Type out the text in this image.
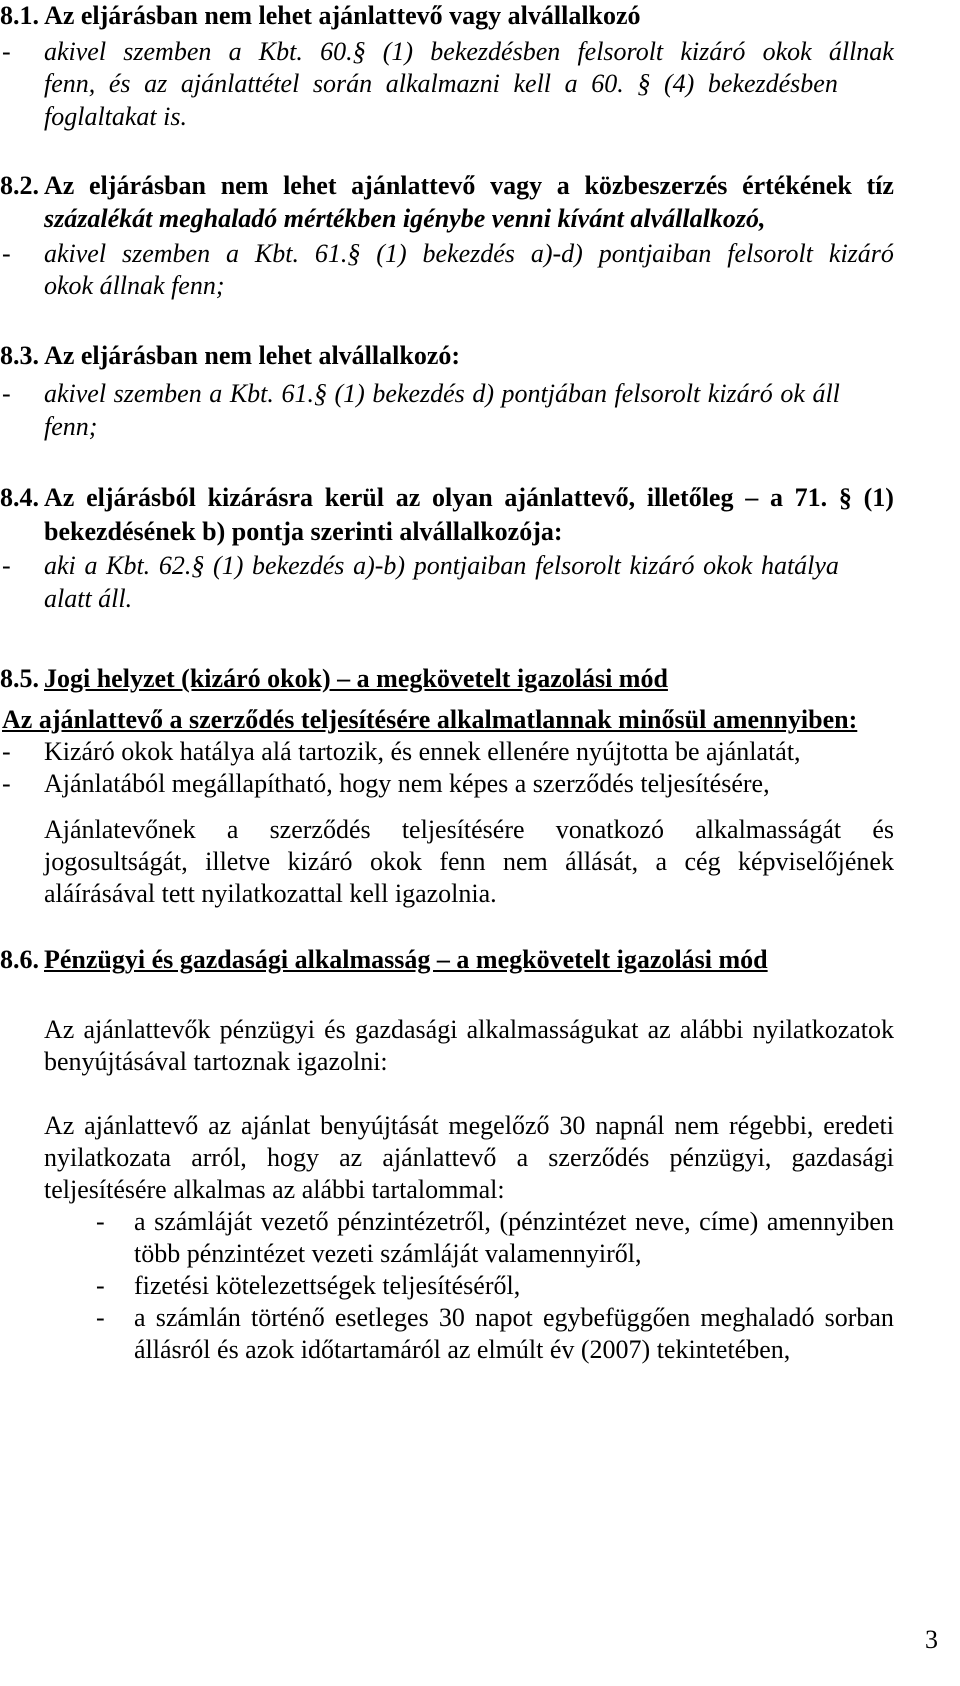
8.1. Az eljárásban nem lehet ajánlattevő vagy alvállalkozó
- akivel szemben a Kbt. 60.§ (1) bekezdésben felsorolt kizáró okok állnak
fenn, és az ajánlattétel során alkalmazni kell a 60. § (4) bekezdésben
foglaltakat is.
8.2. Az eljárásban nem lehet ajánlattevő vagy a közbeszerzés értékének tíz
százalékát meghaladó mértékben igénybe venni kívánt alvállalkozó,
- akivel szemben a Kbt. 61.§ (1) bekezdés a)-d) pontjaiban felsorolt kizáró
okok állnak fenn;
8.3. Az eljárásban nem lehet alvállalkozó:
- akivel szemben a Kbt. 61.§ (1) bekezdés d) pontjában felsorolt kizáró ok áll
fenn;
8.4. Az eljárásból kizárásra kerül az olyan ajánlattevő, illetőleg – a 71. § (1)
bekezdésének b) pontja szerinti alvállalkozója:
- aki a Kbt. 62.§ (1) bekezdés a)-b) pontjaiban felsorolt kizáró okok hatálya
alatt áll.
8.5. Jogi helyzet (kizáró okok) – a megkövetelt igazolási mód
Az ajánlattevő a szerződés teljesítésére alkalmatlannak minősül amennyiben:
- Kizáró okok hatálya alá tartozik, és ennek ellenére nyújtotta be ajánlatát,
- Ajánlatából megállapítható, hogy nem képes a szerződés teljesítésére,
Ajánlatevőnek a szerződés teljesítésére vonatkozó alkalmasságát és
jogosultságát, illetve kizáró okok fenn nem állását, a cég képviselőjének
aláírásával tett nyilatkozattal kell igazolnia.
8.6. Pénzügyi és gazdasági alkalmasság – a megkövetelt igazolási mód
Az ajánlattevők pénzügyi és gazdasági alkalmasságukat az alábbi nyilatkozatok
benyújtásával tartoznak igazolni:
Az ajánlattevő az ajánlat benyújtását megelőző 30 napnál nem régebbi, eredeti
nyilatkozata arról, hogy az ajánlattevő a szerződés pénzügyi, gazdasági
teljesítésére alkalmas az alábbi tartalommal:
- a számláját vezető pénzintézetről, (pénzintézet neve, címe) amennyiben
több pénzintézet vezeti számláját valamennyiről,
- fizetési kötelezettségek teljesítéséről,
- a számlán történő esetleges 30 napot egybefüggően meghaladó sorban
állásról és azok időtartamáról az elmúlt év (2007) tekintetében,
3
